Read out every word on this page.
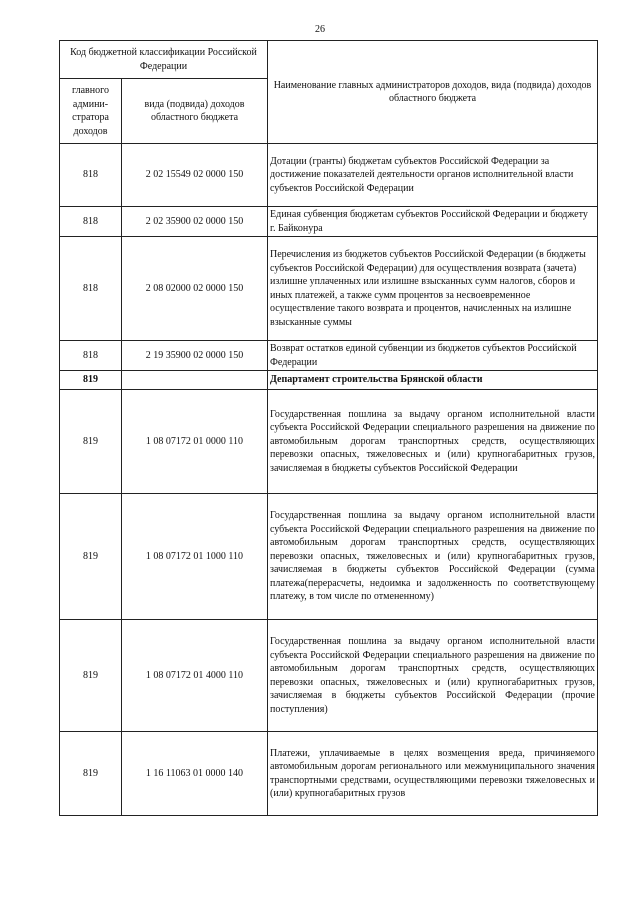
26
Код бюджетной классификации Российской Федерации		Наименование главных администраторов доходов, вида (подвида) доходов областного бюджета
главного админи-стратора доходов	вида (подвида) доходов областного бюджета	
818	2 02 15549 02 0000 150	Дотации (гранты) бюджетам субъектов Российской Федерации за достижение показателей деятельности органов исполнительной власти субъектов Российской Федерации
818	2 02 35900 02 0000 150	Единая субвенция бюджетам субъектов Российской Федерации и бюджету г. Байконура
818	2 08 02000 02 0000 150	Перечисления из бюджетов субъектов Российской Федерации (в бюджеты субъектов Российской Федерации) для осуществления возврата (зачета) излишне уплаченных или излишне взысканных сумм налогов, сборов и иных платежей, а также сумм процентов за несвоевременное осуществление такого возврата и процентов, начисленных на излишне взысканные суммы
818	2 19 35900 02 0000 150	Возврат остатков единой субвенции из бюджетов субъектов Российской Федерации
819		Департамент строительства Брянской области
819	1 08 07172 01 0000 110	Государственная пошлина за выдачу органом исполнительной власти субъекта Российской Федерации специального разрешения на движение по автомобильным дорогам транспортных средств, осуществляющих перевозки опасных, тяжеловесных и (или) крупногабаритных грузов, зачисляемая в бюджеты субъектов Российской Федерации
819	1 08 07172 01 1000 110	Государственная пошлина за выдачу органом исполнительной власти субъекта Российской Федерации специального разрешения на движение по автомобильным дорогам транспортных средств, осуществляющих перевозки опасных, тяжеловесных и (или) крупногабаритных грузов, зачисляемая в бюджеты субъектов Российской Федерации (сумма платежа(перерасчеты, недоимка и задолженность по соответствующему платежу, в том числе по отмененному)
819	1 08 07172 01 4000 110	Государственная пошлина за выдачу органом исполнительной власти субъекта Российской Федерации специального разрешения на движение по автомобильным дорогам транспортных средств, осуществляющих перевозки опасных, тяжеловесных и (или) крупногабаритных грузов, зачисляемая в бюджеты субъектов Российской Федерации (прочие поступления)
819	1 16 11063 01 0000 140	Платежи, уплачиваемые в целях возмещения вреда, причиняемого автомобильным дорогам регионального или межмуниципального значения транспортными средствами, осуществляющими перевозки тяжеловесных и (или) крупногабаритных грузов
